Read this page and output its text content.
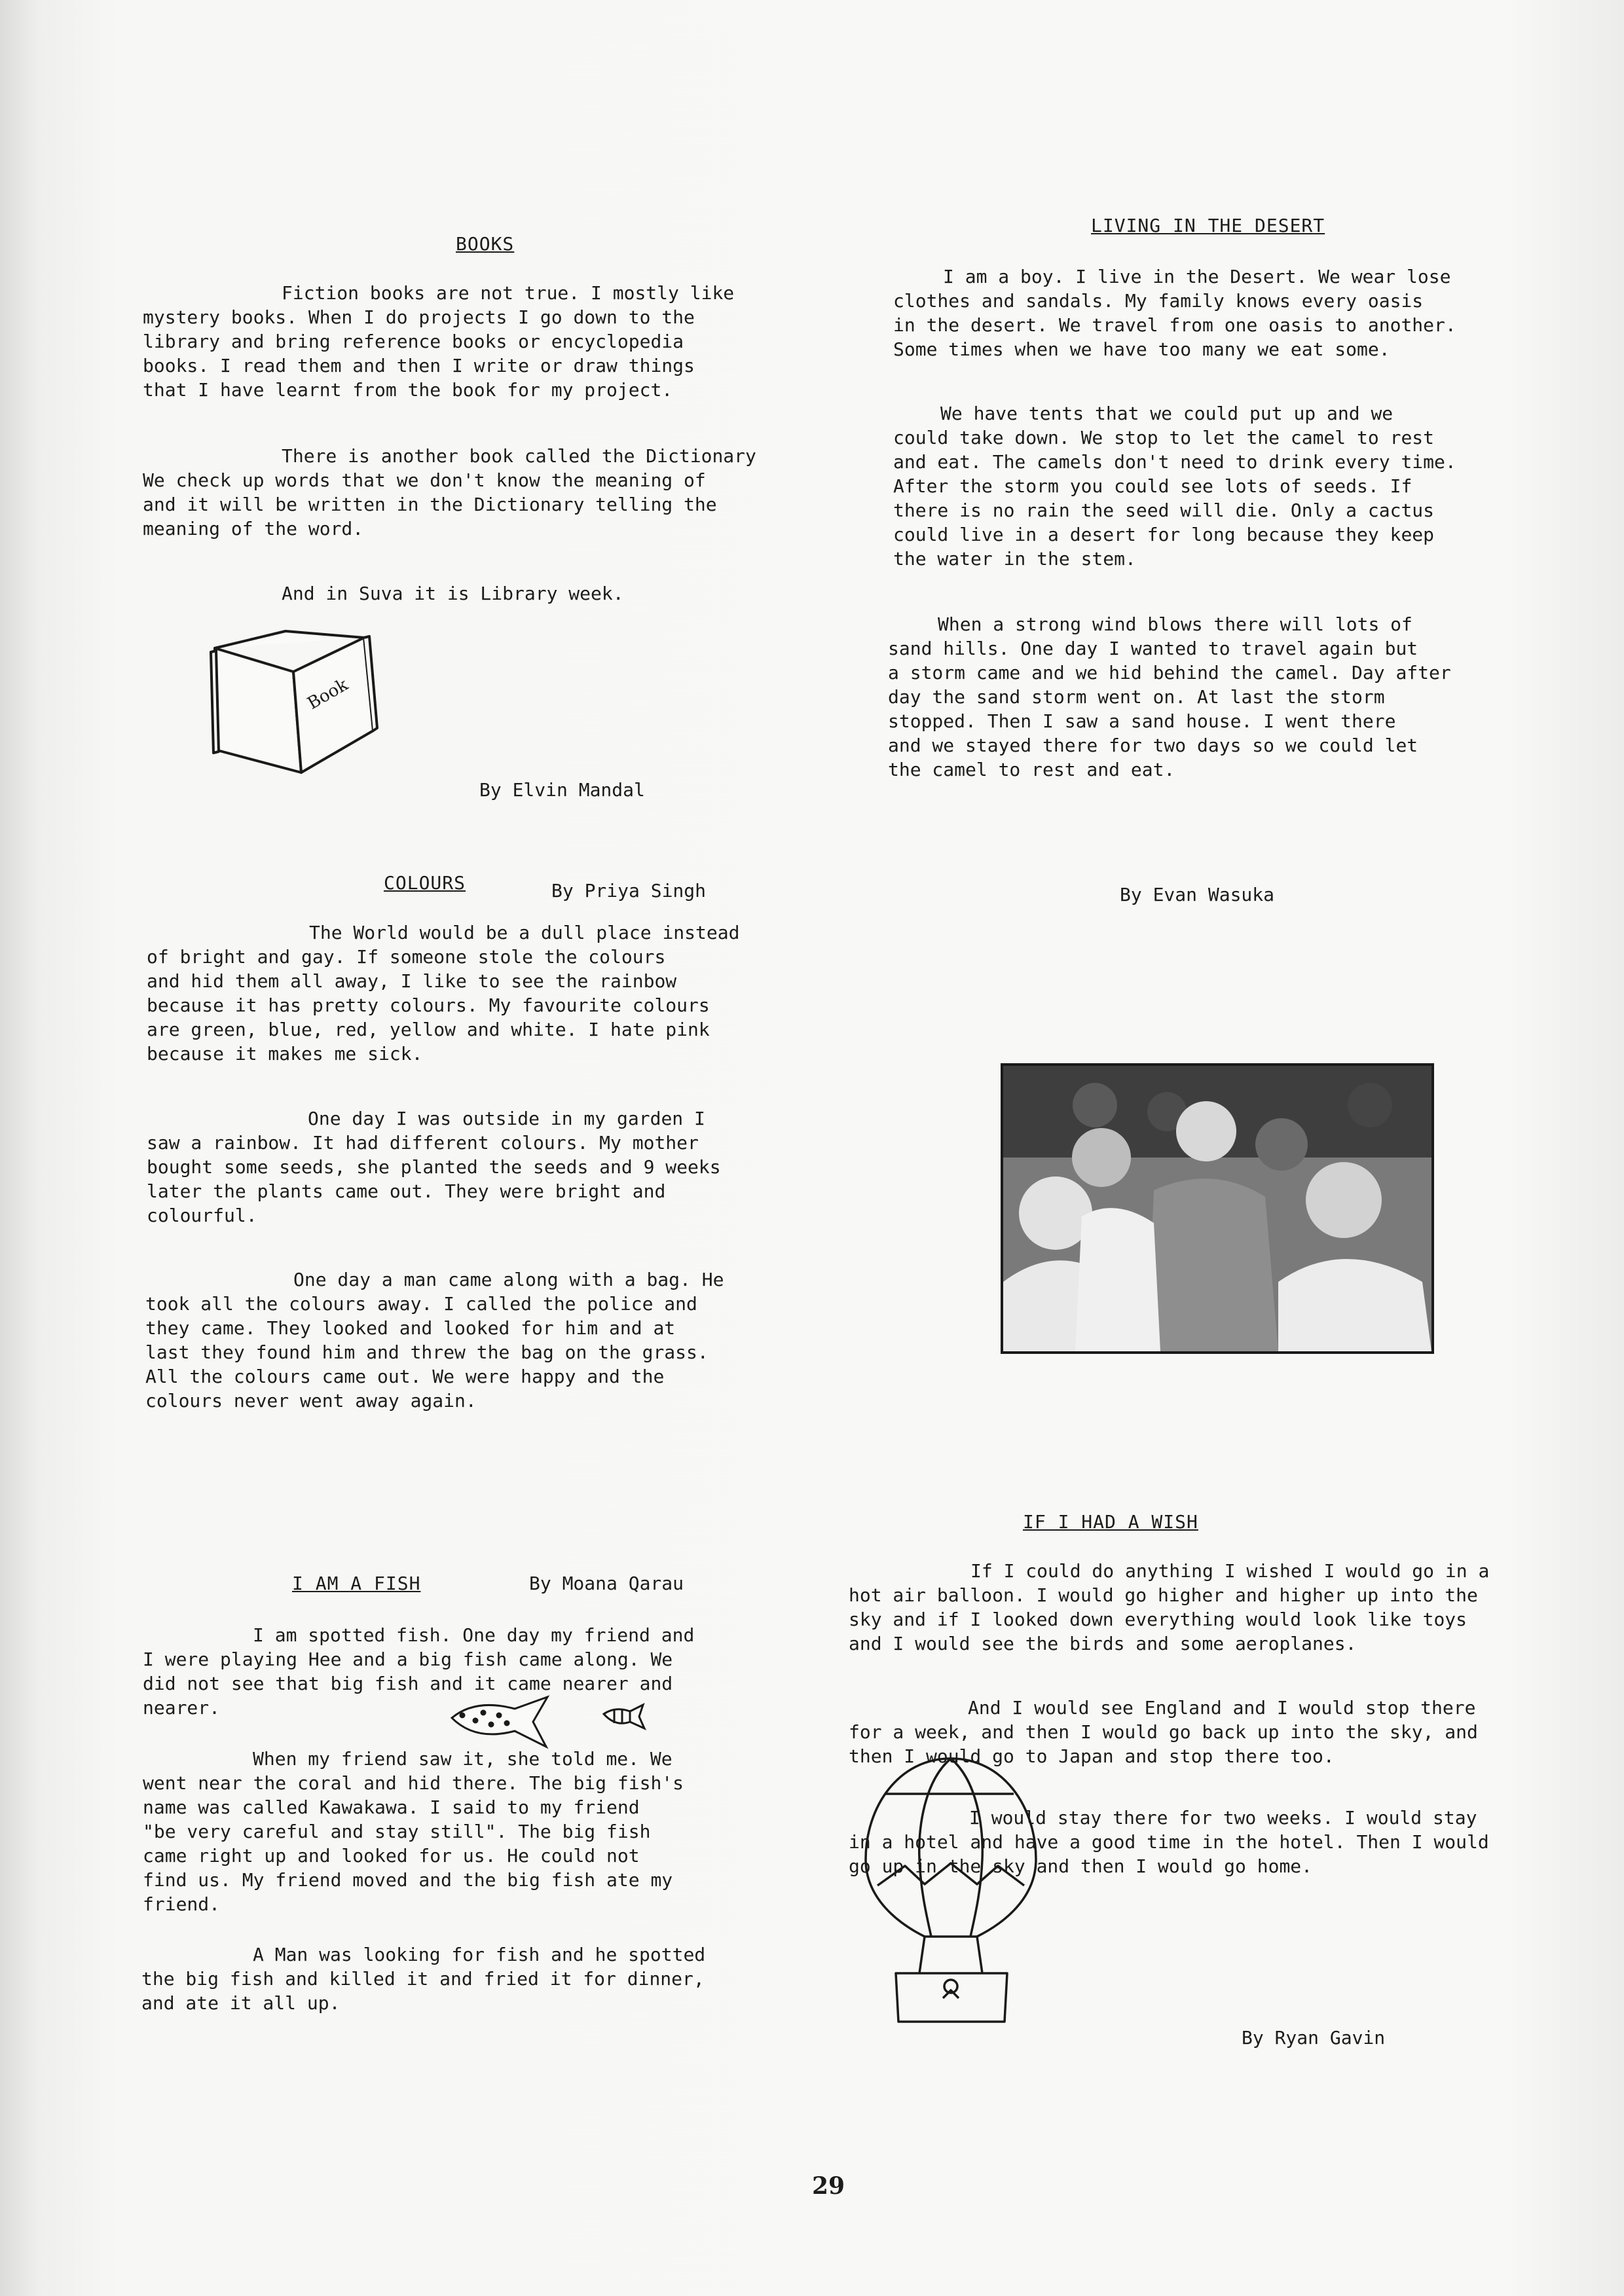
BOOKS

Fiction books are not true. I mostly like
mystery books. When I do projects I go down to the
library and bring reference books or encyclopedia
books. I read them and then I write or draw things
that I have learnt from the book for my project.

There is another book called the Dictionary
We check up words that we don't know the meaning of
and it will be written in the Dictionary telling the
meaning of the word.

And in Suva it is Library week.

Book
By Elvin Mandal
LIVING IN THE DESERT

I am a boy. I live in the Desert. We wear lose
clothes and sandals. My family knows every oasis
in the desert. We travel from one oasis to another.
Some times when we have too many we eat some.

We have tents that we could put up and we
could take down. We stop to let the camel to rest
and eat. The camels don't need to drink every time.
After the storm you could see lots of seeds. If
there is no rain the seed will die. Only a cactus
could live in a desert for long because they keep
the water in the stem.

When a strong wind blows there will lots of
sand hills. One day I wanted to travel again but
a storm came and we hid behind the camel. Day after
day the sand storm went on. At last the storm
stopped. Then I saw a sand house. I went there
and we stayed there for two days so we could let
the camel to rest and eat.

By Evan Wasuka
COLOURS	By Priya Singh

The World would be a dull place instead
of bright and gay. If someone stole the colours
and hid them all away, I like to see the rainbow
because it has pretty colours. My favourite colours
are green, blue, red, yellow and white. I hate pink
because it makes me sick.

One day I was outside in my garden I
saw a rainbow. It had different colours. My mother
bought some seeds, she planted the seeds and 9 weeks
later the plants came out. They were bright and
colourful.

One day a man came along with a bag. He
took all the colours away. I called the police and
they came. They looked and looked for him and at
last they found him and threw the bag on the grass.
All the colours came out. We were happy and the
colours never went away again.

I AM A FISH	By Moana Qarau

I am spotted fish. One day my friend and
I were playing Hee and a big fish came along. We
did not see that big fish and it came nearer and
nearer.

When my friend saw it, she told me. We
went near the coral and hid there. The big fish's
name was called Kawakawa. I said to my friend
"be very careful and stay still". The big fish
came right up and looked for us. He could not
find us. My friend moved and the big fish ate my
friend.

A Man was looking for fish and he spotted
the big fish and killed it and fried it for dinner,
and ate it all up.

IF I HAD A WISH

If I could do anything I wished I would go in a
hot air balloon. I would go higher and higher up into the
sky and if I looked down everything would look like toys
and I would see the birds and some aeroplanes.

And I would see England and I would stop there
for a week, and then I would go back up into the sky, and
then I would go to Japan and stop there too.

I would stay there for two weeks. I would stay
in a hotel and have a good time in the hotel. Then I would
go up in the sky and then I would go home.

By Ryan Gavin
29
